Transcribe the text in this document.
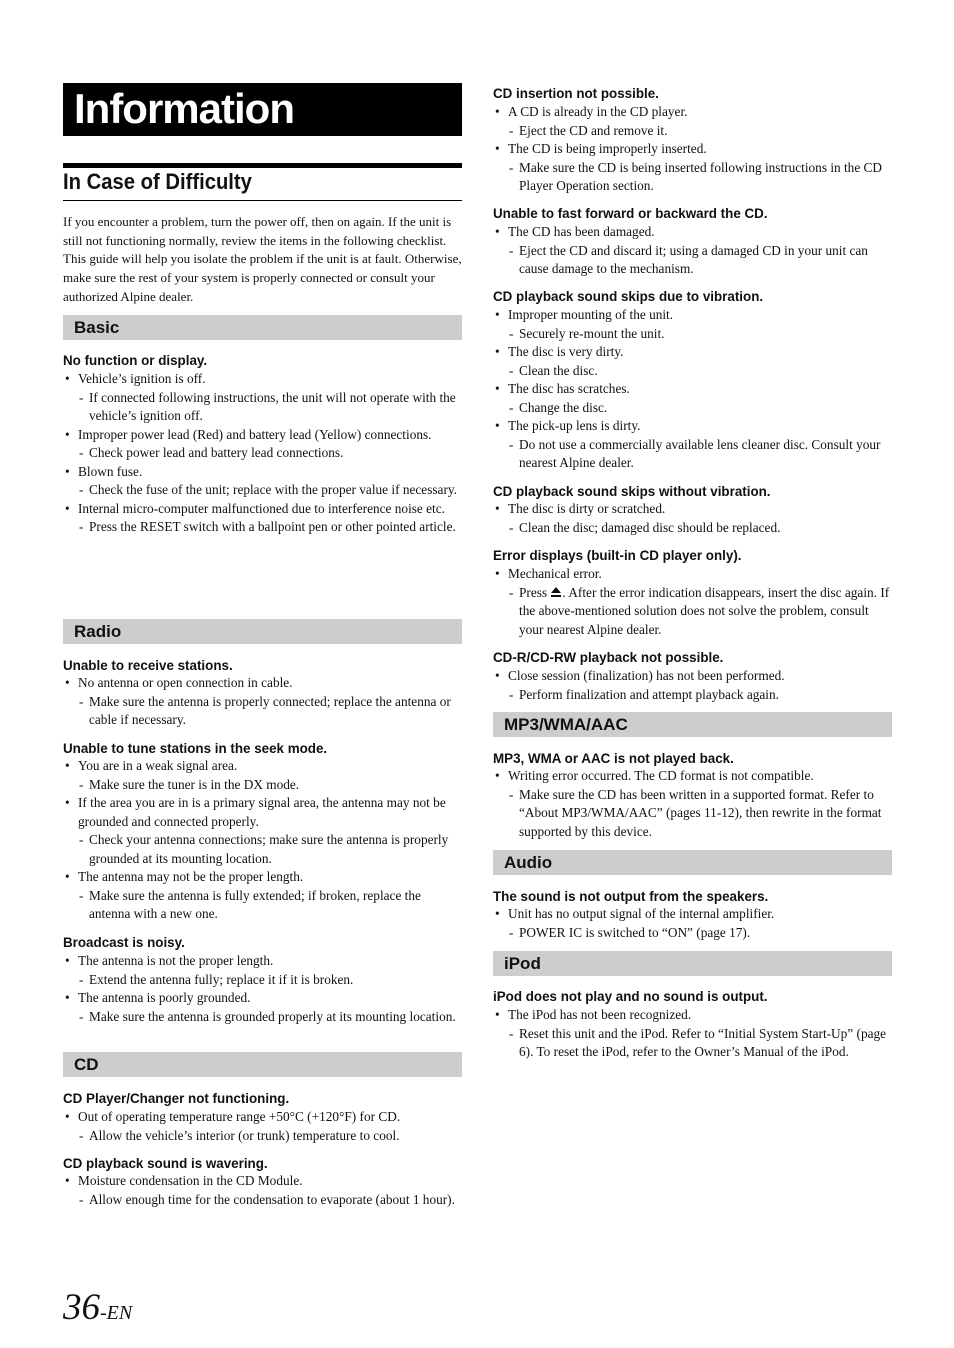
Information
In Case of Difficulty
If you encounter a problem, turn the power off, then on again. If the unit is still not functioning normally, review the items in the following checklist. This guide will help you isolate the problem if the unit is at fault. Otherwise, make sure the rest of your system is properly connected or consult your authorized Alpine dealer.
Basic
No function or display.
• Vehicle’s ignition is off.
- If connected following instructions, the unit will not operate with the vehicle’s ignition off.
• Improper power lead (Red) and battery lead (Yellow) connections.
- Check power lead and battery lead connections.
• Blown fuse.
- Check the fuse of the unit; replace with the proper value if necessary.
• Internal micro-computer malfunctioned due to interference noise etc.
- Press the RESET switch with a ballpoint pen or other pointed article.
Radio
Unable to receive stations.
• No antenna or open connection in cable.
- Make sure the antenna is properly connected; replace the antenna or cable if necessary.
Unable to tune stations in the seek mode.
• You are in a weak signal area.
- Make sure the tuner is in the DX mode.
• If the area you are in is a primary signal area, the antenna may not be grounded and connected properly.
- Check your antenna connections; make sure the antenna is properly grounded at its mounting location.
• The antenna may not be the proper length.
- Make sure the antenna is fully extended; if broken, replace the antenna with a new one.
Broadcast is noisy.
• The antenna is not the proper length.
- Extend the antenna fully; replace it if it is broken.
• The antenna is poorly grounded.
- Make sure the antenna is grounded properly at its mounting location.
CD
CD Player/Changer not functioning.
• Out of operating temperature range +50°C (+120°F) for CD.
- Allow the vehicle’s interior (or trunk) temperature to cool.
CD playback sound is wavering.
• Moisture condensation in the CD Module.
- Allow enough time for the condensation to evaporate (about 1 hour).
CD insertion not possible.
• A CD is already in the CD player.
- Eject the CD and remove it.
• The CD is being improperly inserted.
- Make sure the CD is being inserted following instructions in the CD Player Operation section.
Unable to fast forward or backward the CD.
• The CD has been damaged.
- Eject the CD and discard it; using a damaged CD in your unit can cause damage to the mechanism.
CD playback sound skips due to vibration.
• Improper mounting of the unit.
- Securely re-mount the unit.
• The disc is very dirty.
- Clean the disc.
• The disc has scratches.
- Change the disc.
• The pick-up lens is dirty.
- Do not use a commercially available lens cleaner disc. Consult your nearest Alpine dealer.
CD playback sound skips without vibration.
• The disc is dirty or scratched.
- Clean the disc; damaged disc should be replaced.
Error displays (built-in CD player only).
• Mechanical error.
- Press . After the error indication disappears, insert the disc again. If the above-mentioned solution does not solve the problem, consult your nearest Alpine dealer.
CD-R/CD-RW playback not possible.
• Close session (finalization) has not been performed.
- Perform finalization and attempt playback again.
MP3/WMA/AAC
MP3, WMA or AAC is not played back.
• Writing error occurred. The CD format is not compatible.
- Make sure the CD has been written in a supported format. Refer to “About MP3/WMA/AAC” (pages 11-12), then rewrite in the format supported by this device.
Audio
The sound is not output from the speakers.
• Unit has no output signal of the internal amplifier.
- POWER IC is switched to “ON” (page 17).
iPod
iPod does not play and no sound is output.
• The iPod has not been recognized.
- Reset this unit and the iPod. Refer to “Initial System Start-Up” (page 6). To reset the iPod, refer to the Owner’s Manual of the iPod.
36-EN
